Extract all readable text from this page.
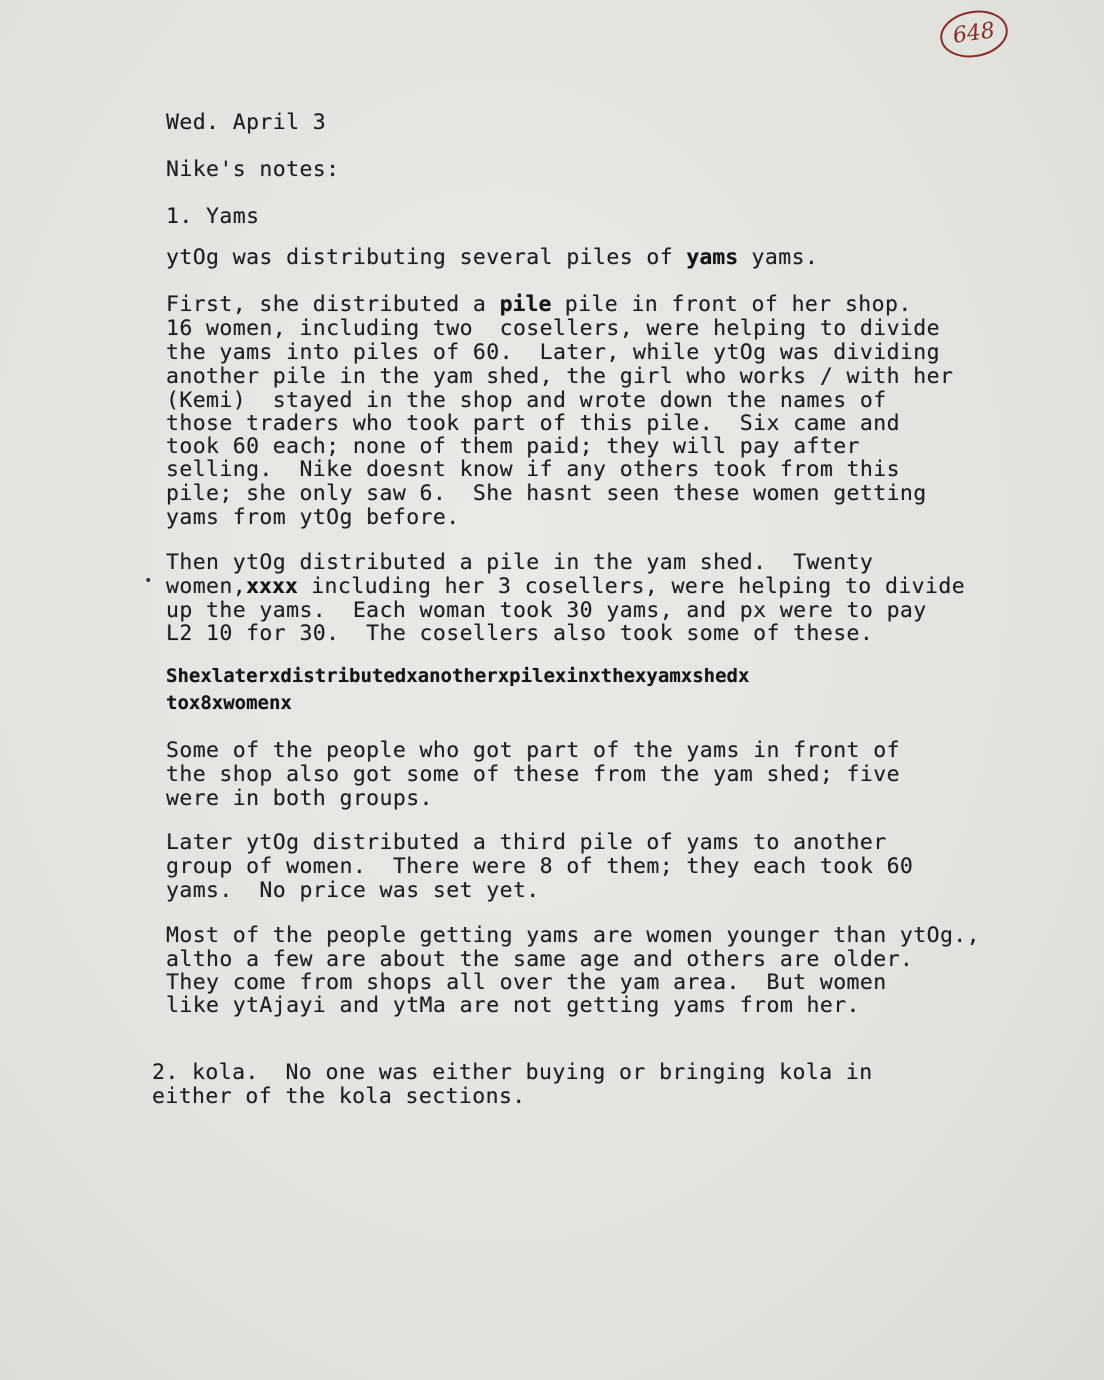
648
Wed. April 3
Nike's notes:
1. Yams
ytOg was distributing several piles of yams yams.
First, she distributed a pile pile in front of her shop.
16 women, including two  cosellers, were helping to divide
the yams into piles of 60.  Later, while ytOg was dividing
another pile in the yam shed, the girl who works / with her
(Kemi)  stayed in the shop and wrote down the names of
those traders who took part of this pile.  Six came and
took 60 each; none of them paid; they will pay after
selling.  Nike doesnt know if any others took from this
pile; she only saw 6.  She hasnt seen these women getting
yams from ytOg before.
•
Then ytOg distributed a pile in the yam shed.  Twenty
women,xxxx including her 3 cosellers, were helping to divide
up the yams.  Each woman took 30 yams, and px were to pay
L2 10 for 30.  The cosellers also took some of these.
Shexlaterxdistributedxanotherxpilexinxthexyamxshedx
tox8xwomenx
Some of the people who got part of the yams in front of
the shop also got some of these from the yam shed; five
were in both groups.
Later ytOg distributed a third pile of yams to another
group of women.  There were 8 of them; they each took 60
yams.  No price was set yet.
Most of the people getting yams are women younger than ytOg.,
altho a few are about the same age and others are older.
They come from shops all over the yam area.  But women
like ytAjayi and ytMa are not getting yams from her.
2. kola.  No one was either buying or bringing kola in
either of the kola sections.
